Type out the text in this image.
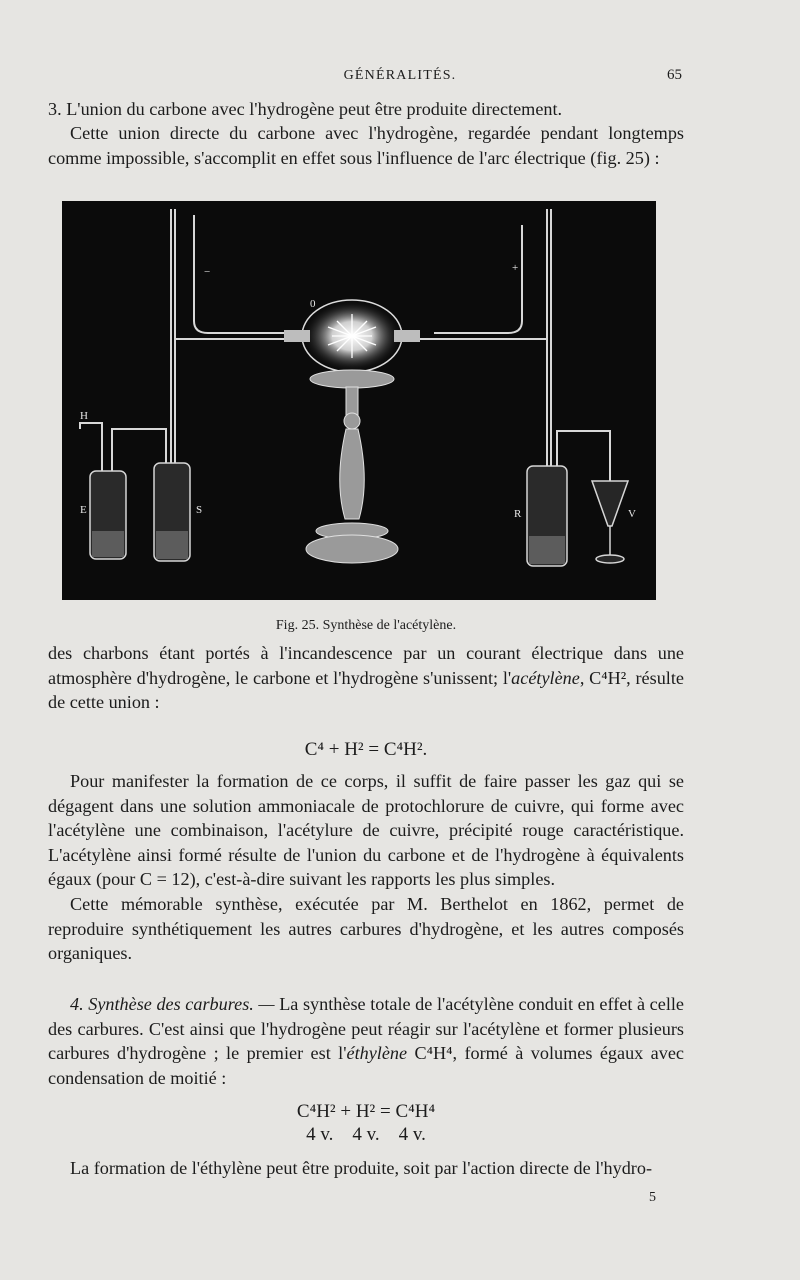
GÉNÉRALITÉS.	65

3. L'union du carbone avec l'hydrogène peut être produite directement.

Cette union directe du carbone avec l'hydrogène, regardée pendant longtemps comme impossible, s'accomplit en effet sous l'influence de l'arc électrique (fig. 25) :

−	+
0
H
E	S	R	V

Fig. 25. Synthèse de l'acétylène.

des charbons étant portés à l'incandescence par un courant électrique dans une atmosphère d'hydrogène, le carbone et l'hydrogène s'unissent; l'acétylène, C⁴H², résulte de cette union :

C⁴ + H² = C⁴H².

Pour manifester la formation de ce corps, il suffit de faire passer les gaz qui se dégagent dans une solution ammoniacale de protochlorure de cuivre, qui forme avec l'acétylène une combinaison, l'acétylure de cuivre, précipité rouge caractéristique. L'acétylène ainsi formé résulte de l'union du carbone et de l'hydrogène à équivalents égaux (pour C = 12), c'est-à-dire suivant les rapports les plus simples.

Cette mémorable synthèse, exécutée par M. Berthelot en 1862, permet de reproduire synthétiquement les autres carbures d'hydrogène, et les autres composés organiques.

4. Synthèse des carbures. — La synthèse totale de l'acétylène conduit en effet à celle des carbures. C'est ainsi que l'hydrogène peut réagir sur l'acétylène et former plusieurs carbures d'hydrogène ; le premier est l'éthylène C⁴H⁴, formé à volumes égaux avec condensation de moitié :

C⁴H² + H² = C⁴H⁴

4 v.    4 v.    4 v.

La formation de l'éthylène peut être produite, soit par l'action directe de l'hydro-

5
